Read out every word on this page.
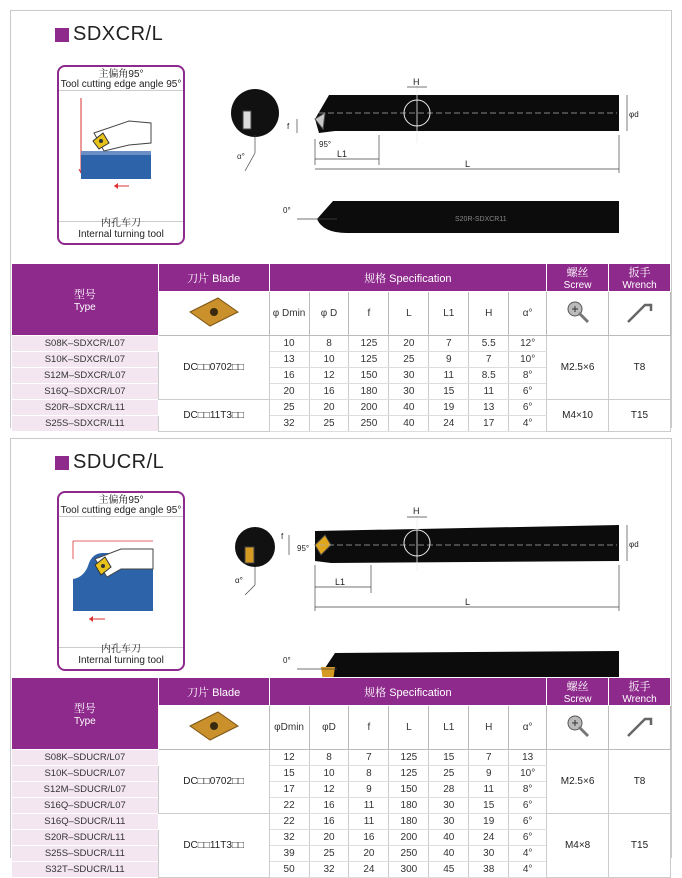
SDXCR/L
主偏角95°
Tool cutting edge angle 95°
内孔车刀
Internal turning tool
α°
H
φd
f
95°
L1
L
S20R-SDXCR11
0°
型号
Type	刀片 Blade	规格 Specification							螺丝
Screw	扳手
Wrench

	φ Dmin	φ D	f	L	L1	H	α°		
S08K–SDXCR/L07	DC□□0702□□	10	8	125	20	7	5.5	12°	M2.5×6	T8
S10K–SDXCR/L07		13	10	125	25	9	7	10°		
S12M–SDXCR/L07		16	12	150	30	11	8.5	8°		
S16Q–SDXCR/L07		20	16	180	30	15	11	6°		
S20R–SDXCR/L11	DC□□11T3□□	25	20	200	40	19	13	6°	M4×10	T15
S25S–SDXCR/L11		32	25	250	40	24	17	4°		
SDUCR/L
主偏角95°
Tool cutting edge angle 95°
内孔车刀
Internal turning tool
α°
H
φd
95°
f
L1
L
0°
型号
Type	刀片 Blade	规格 Specification							螺丝
Screw	扳手
Wrench

	φDmin	φD	f	L	L1	H	α°		
S08K–SDUCR/L07	DC□□0702□□	12	8	7	125	15	7	13	M2.5×6	T8
S10K–SDUCR/L07		15	10	8	125	25	9	10°		
S12M–SDUCR/L07		17	12	9	150	28	11	8°		
S16Q–SDUCR/L07		22	16	11	180	30	15	6°		
S16Q–SDUCR/L11	DC□□11T3□□	22	16	11	180	30	19	6°	M4×8	T15
S20R–SDUCR/L11		32	20	16	200	40	24	6°		
S25S–SDUCR/L11		39	25	20	250	40	30	4°		
S32T–SDUCR/L11		50	32	24	300	45	38	4°		
